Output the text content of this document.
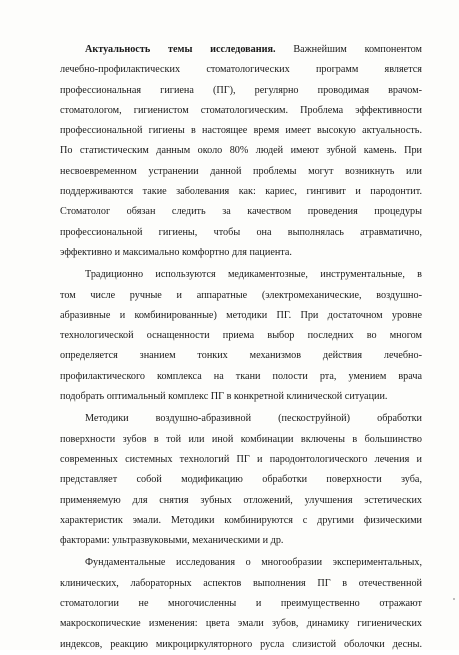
Актуальность темы исследования. Важнейшим компонентом
лечебно-профилактических стоматологических программ является
профессиональная гигиена (ПГ), регулярно проводимая врачом-
стоматологом, гигиенистом стоматологическим. Проблема эффективности
профессиональной гигиены в настоящее время имеет высокую актуальность.
По статистическим данным около 80% людей имеют зубной камень. При
несвоевременном устранении данной проблемы могут возникнуть или
поддерживаются такие заболевания как: кариес, гингивит и пародонтит.
Стоматолог обязан следить за качеством проведения процедуры
профессиональной гигиены, чтобы она выполнялась атравматично,
эффективно и максимально комфортно для пациента.
Традиционно используются медикаментозные, инструментальные, в
том числе ручные и аппаратные (электромеханические, воздушно-
абразивные и комбинированные) методики ПГ. При достаточном уровне
технологической оснащенности приема выбор последних во многом
определяется знанием тонких механизмов действия лечебно-
профилактического комплекса на ткани полости рта, умением врача
подобрать оптимальный комплекс ПГ в конкретной клинической ситуации.
Методики воздушно-абразивной (пескоструйной) обработки
поверхности зубов в той или иной комбинации включены в большинство
современных системных технологий ПГ и пародонтологического лечения и
представляет собой модификацию обработки поверхности зуба,
применяемую для снятия зубных отложений, улучшения эстетических
характеристик эмали. Методики комбинируются с другими физическими
факторами: ультразвуковыми, механическими и др.
Фундаментальные исследования о многообразии экспериментальных,
клинических, лабораторных аспектов выполнения ПГ в отечественной
стоматологии не многочисленны и преимущественно отражают
макроскопические изменения: цвета эмали зубов, динамику гигиенических
индексов, реакцию микроциркуляторного русла слизистой оболочки десны.
